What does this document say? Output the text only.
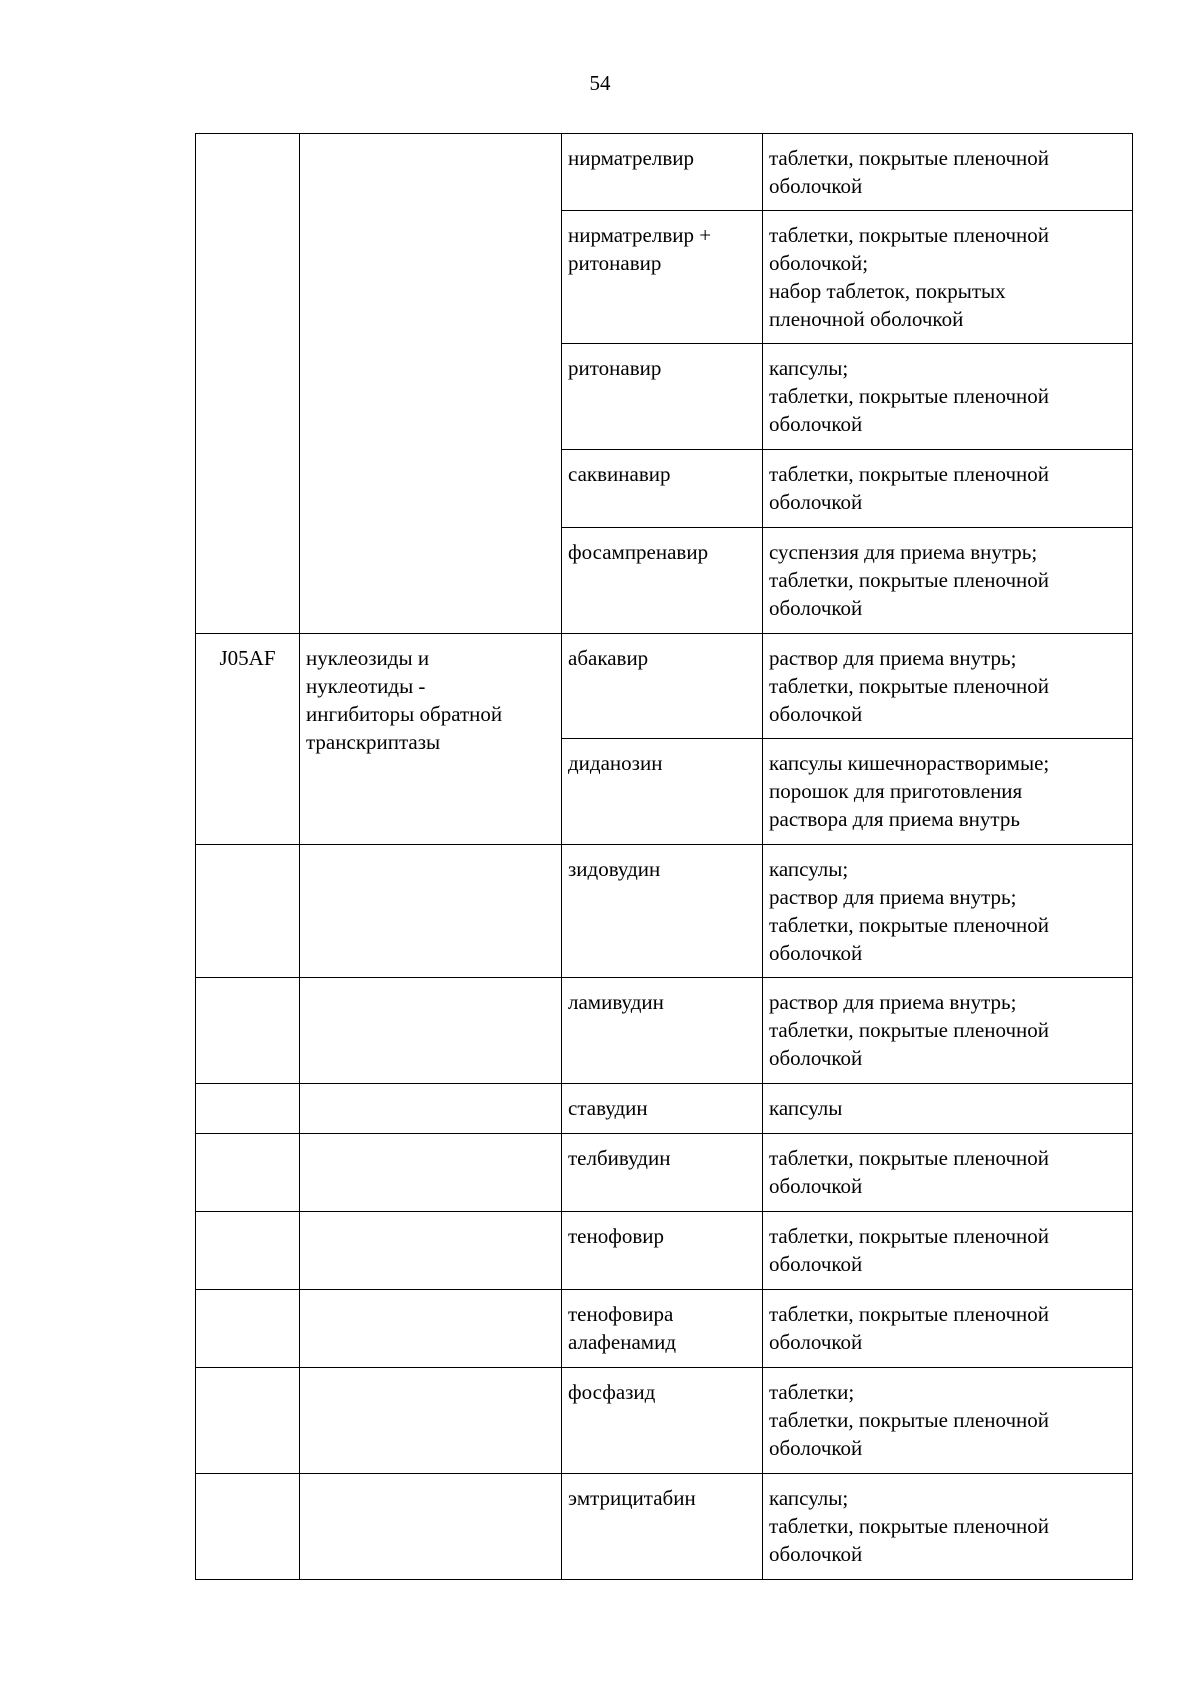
54

		нирматрелвир	таблетки, покрытые пленочной
оболочкой

		нирматрелвир +
ритонавир	таблетки, покрытые пленочной
оболочкой;
набор таблеток, покрытых
пленочной оболочкой

		ритонавир	капсулы;
таблетки, покрытые пленочной
оболочкой

		саквинавир	таблетки, покрытые пленочной
оболочкой

		фосампренавир	суспензия для приема внутрь;
таблетки, покрытые пленочной
оболочкой

J05AF	нуклеозиды и
нуклеотиды -
ингибиторы обратной
транскриптазы	абакавир	раствор для приема внутрь;
таблетки, покрытые пленочной
оболочкой

		диданозин	капсулы кишечнорастворимые;
порошок для приготовления
раствора для приема внутрь

		зидовудин	капсулы;
раствор для приема внутрь;
таблетки, покрытые пленочной
оболочкой

		ламивудин	раствор для приема внутрь;
таблетки, покрытые пленочной
оболочкой

		ставудин	капсулы

		телбивудин	таблетки, покрытые пленочной
оболочкой

		тенофовир	таблетки, покрытые пленочной
оболочкой

		тенофовира
алафенамид	таблетки, покрытые пленочной
оболочкой

		фосфазид	таблетки;
таблетки, покрытые пленочной
оболочкой

		эмтрицитабин	капсулы;
таблетки, покрытые пленочной
оболочкой
